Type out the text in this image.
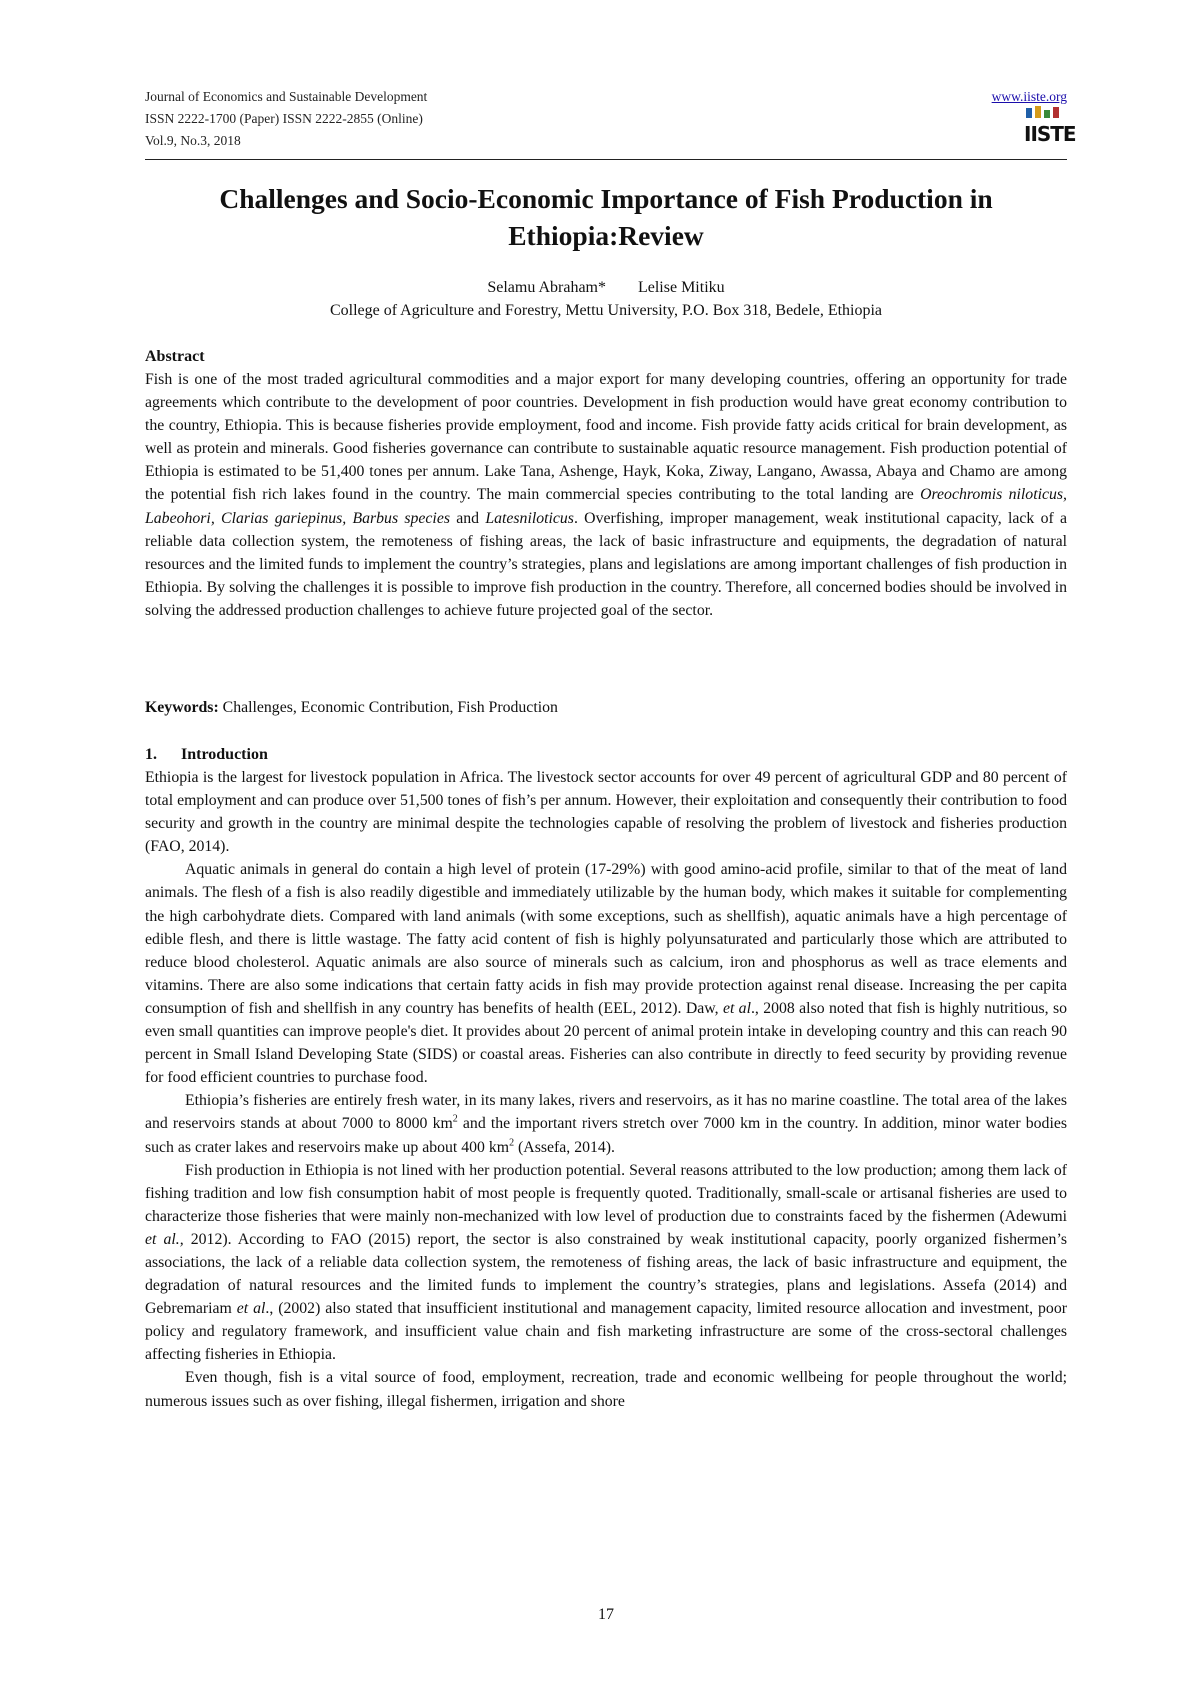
Journal of Economics and Sustainable Development
ISSN 2222-1700 (Paper) ISSN 2222-2855 (Online)
Vol.9, No.3, 2018
www.iiste.org
IISTE
Challenges and Socio-Economic Importance of Fish Production in Ethiopia:Review
Selamu Abraham* Lelise Mitiku
College of Agriculture and Forestry, Mettu University, P.O. Box 318, Bedele, Ethiopia
Abstract

Fish is one of the most traded agricultural commodities and a major export for many developing countries, offering an opportunity for trade agreements which contribute to the development of poor countries. Development in fish production would have great economy contribution to the country, Ethiopia. This is because fisheries provide employment, food and income. Fish provide fatty acids critical for brain development, as well as protein and minerals. Good fisheries governance can contribute to sustainable aquatic resource management. Fish production potential of Ethiopia is estimated to be 51,400 tones per annum. Lake Tana, Ashenge, Hayk, Koka, Ziway, Langano, Awassa, Abaya and Chamo are among the potential fish rich lakes found in the country. The main commercial species contributing to the total landing are Oreochromis niloticus, Labeohori, Clarias gariepinus, Barbus species and Latesniloticus. Overfishing, improper management, weak institutional capacity, lack of a reliable data collection system, the remoteness of fishing areas, the lack of basic infrastructure and equipments, the degradation of natural resources and the limited funds to implement the country’s strategies, plans and legislations are among important challenges of fish production in Ethiopia. By solving the challenges it is possible to improve fish production in the country. Therefore, all concerned bodies should be involved in solving the addressed production challenges to achieve future projected goal of the sector.

Keywords: Challenges, Economic Contribution, Fish Production

1. Introduction

Ethiopia is the largest for livestock population in Africa. The livestock sector accounts for over 49 percent of agricultural GDP and 80 percent of total employment and can produce over 51,500 tones of fish’s per annum. However, their exploitation and consequently their contribution to food security and growth in the country are minimal despite the technologies capable of resolving the problem of livestock and fisheries production (FAO, 2014).

Aquatic animals in general do contain a high level of protein (17-29%) with good amino-acid profile, similar to that of the meat of land animals. The flesh of a fish is also readily digestible and immediately utilizable by the human body, which makes it suitable for complementing the high carbohydrate diets. Compared with land animals (with some exceptions, such as shellfish), aquatic animals have a high percentage of edible flesh, and there is little wastage. The fatty acid content of fish is highly polyunsaturated and particularly those which are attributed to reduce blood cholesterol. Aquatic animals are also source of minerals such as calcium, iron and phosphorus as well as trace elements and vitamins. There are also some indications that certain fatty acids in fish may provide protection against renal disease. Increasing the per capita consumption of fish and shellfish in any country has benefits of health (EEL, 2012). Daw, et al., 2008 also noted that fish is highly nutritious, so even small quantities can improve people's diet. It provides about 20 percent of animal protein intake in developing country and this can reach 90 percent in Small Island Developing State (SIDS) or coastal areas. Fisheries can also contribute in directly to feed security by providing revenue for food efficient countries to purchase food.

Ethiopia’s fisheries are entirely fresh water, in its many lakes, rivers and reservoirs, as it has no marine coastline. The total area of the lakes and reservoirs stands at about 7000 to 8000 $km^2$ and the important rivers stretch over 7000 km in the country. In addition, minor water bodies such as crater lakes and reservoirs make up about 400 $km^2$ (Assefa, 2014).

Fish production in Ethiopia is not lined with her production potential. Several reasons attributed to the low production; among them lack of fishing tradition and low fish consumption habit of most people is frequently quoted. Traditionally, small-scale or artisanal fisheries are used to characterize those fisheries that were mainly non-mechanized with low level of production due to constraints faced by the fishermen (Adewumi et al., 2012). According to FAO (2015) report, the sector is also constrained by weak institutional capacity, poorly organized fishermen’s associations, the lack of a reliable data collection system, the remoteness of fishing areas, the lack of basic infrastructure and equipment, the degradation of natural resources and the limited funds to implement the country’s strategies, plans and legislations. Assefa (2014) and Gebremariam et al., (2002) also stated that insufficient institutional and management capacity, limited resource allocation and investment, poor policy and regulatory framework, and insufficient value chain and fish marketing infrastructure are some of the cross-sectoral challenges affecting fisheries in Ethiopia.

Even though, fish is a vital source of food, employment, recreation, trade and economic wellbeing for people throughout the world; numerous issues such as over fishing, illegal fishermen, irrigation and shore

17
